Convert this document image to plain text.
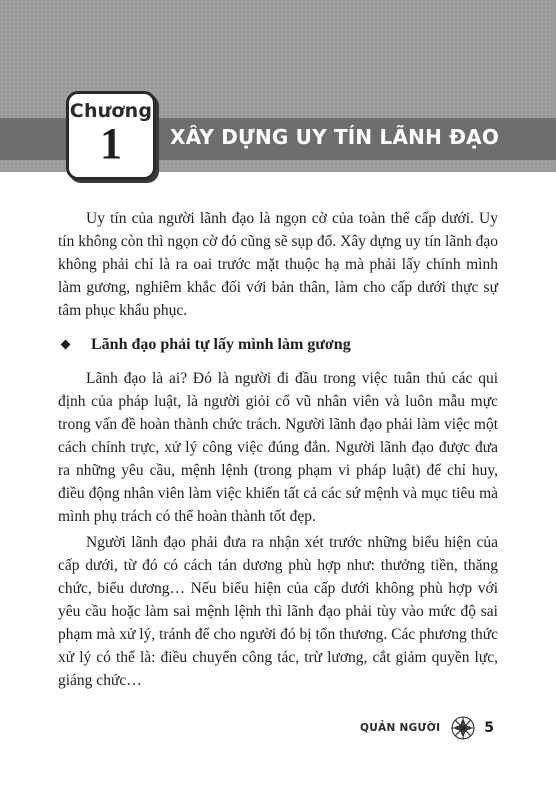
Chương
1	XÂY DỰNG UY TÍN LÃNH ĐẠO

Uy tín của người lãnh đạo là ngọn cờ của toàn thể cấp dưới. Uy tín không còn thì ngọn cờ đó cũng sẽ sụp đổ. Xây dựng uy tín lãnh đạo không phải chỉ là ra oai trước mặt thuộc hạ mà phải lấy chính mình làm gương, nghiêm khắc đối với bản thân, làm cho cấp dưới thực sự tâm phục khẩu phục.

Lãnh đạo phải tự lấy mình làm gương

Lãnh đạo là ai? Đó là người đi đầu trong việc tuân thủ các qui định của pháp luật, là người giỏi cổ vũ nhân viên và luôn mẫu mực trong vấn đề hoàn thành chức trách. Người lãnh đạo phải làm việc một cách chính trực, xử lý công việc đúng đắn. Người lãnh đạo được đưa ra những yêu cầu, mệnh lệnh (trong phạm vi pháp luật) để chỉ huy, điều động nhân viên làm việc khiến tất cả các sứ mệnh và mục tiêu mà mình phụ trách có thể hoàn thành tốt đẹp.

Người lãnh đạo phải đưa ra nhận xét trước những biểu hiện của cấp dưới, từ đó có cách tán dương phù hợp như: thưởng tiền, thăng chức, biểu dương… Nếu biểu hiện của cấp dưới không phù hợp với yêu cầu hoặc làm sai mệnh lệnh thì lãnh đạo phải tùy vào mức độ sai phạm mà xử lý, tránh để cho người đó bị tổn thương. Các phương thức xử lý có thể là: điều chuyển công tác, trừ lương, cắt giảm quyền lực, giáng chức…

QUẢN NGƯỜI	5
